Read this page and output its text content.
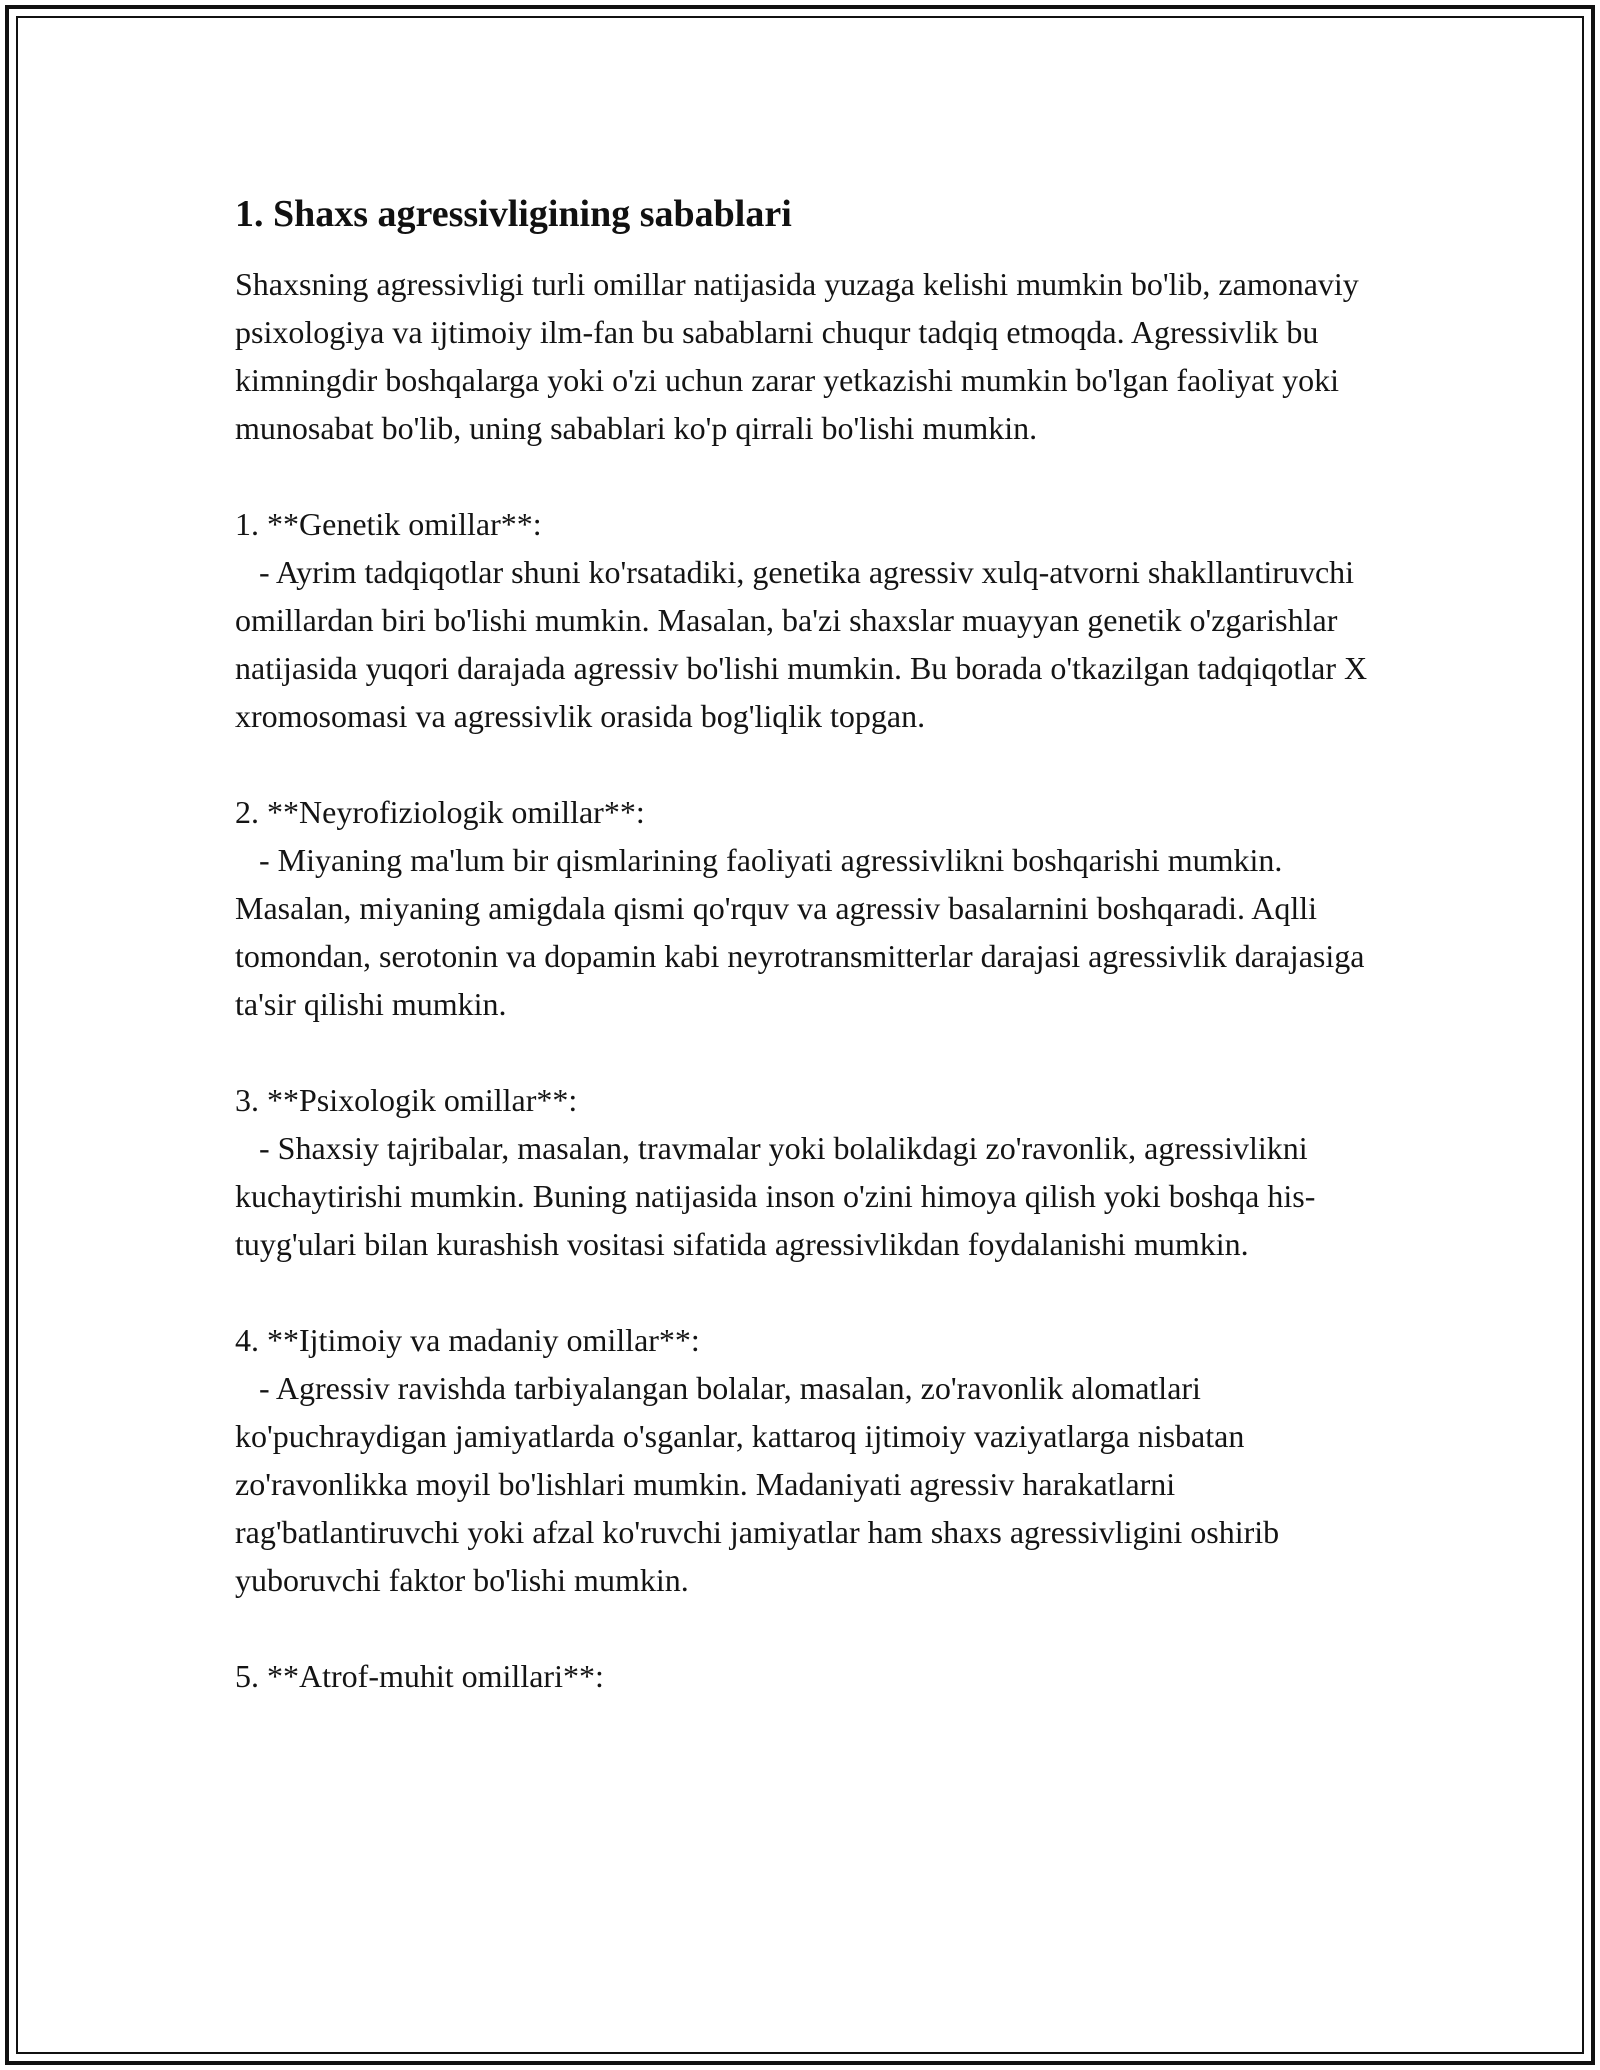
1. Shaxs agressivligining sabablari

Shaxsning agressivligi turli omillar natijasida yuzaga kelishi mumkin bo'lib, zamonaviy psixologiya va ijtimoiy ilm-fan bu sabablarni chuqur tadqiq etmoqda. Agressivlik bu kimningdir boshqalarga yoki o'zi uchun zarar yetkazishi mumkin bo'lgan faoliyat yoki munosabat bo'lib, uning sabablari ko'p qirrali bo'lishi mumkin.

1. **Genetik omillar**:

- Ayrim tadqiqotlar shuni ko'rsatadiki, genetika agressiv xulq-atvorni shakllantiruvchi omillardan biri bo'lishi mumkin. Masalan, ba'zi shaxslar muayyan genetik o'zgarishlar natijasida yuqori darajada agressiv bo'lishi mumkin. Bu borada o'tkazilgan tadqiqotlar X xromosomasi va agressivlik orasida bog'liqlik topgan.

2. **Neyrofiziologik omillar**:

- Miyaning ma'lum bir qismlarining faoliyati agressivlikni boshqarishi mumkin. Masalan, miyaning amigdala qismi qo'rquv va agressiv basalarnini boshqaradi. Aqlli tomondan, serotonin va dopamin kabi neyrotransmitterlar darajasi agressivlik darajasiga ta'sir qilishi mumkin.

3. **Psixologik omillar**:

- Shaxsiy tajribalar, masalan, travmalar yoki bolalikdagi zo'ravonlik, agressivlikni kuchaytirishi mumkin. Buning natijasida inson o'zini himoya qilish yoki boshqa his-tuyg'ulari bilan kurashish vositasi sifatida agressivlikdan foydalanishi mumkin.

4. **Ijtimoiy va madaniy omillar**:

- Agressiv ravishda tarbiyalangan bolalar, masalan, zo'ravonlik alomatlari ko'puchraydigan jamiyatlarda o'sganlar, kattaroq ijtimoiy vaziyatlarga nisbatan zo'ravonlikka moyil bo'lishlari mumkin. Madaniyati agressiv harakatlarni rag'batlantiruvchi yoki afzal ko'ruvchi jamiyatlar ham shaxs agressivligini oshirib yuboruvchi faktor bo'lishi mumkin.

5. **Atrof-muhit omillari**:
